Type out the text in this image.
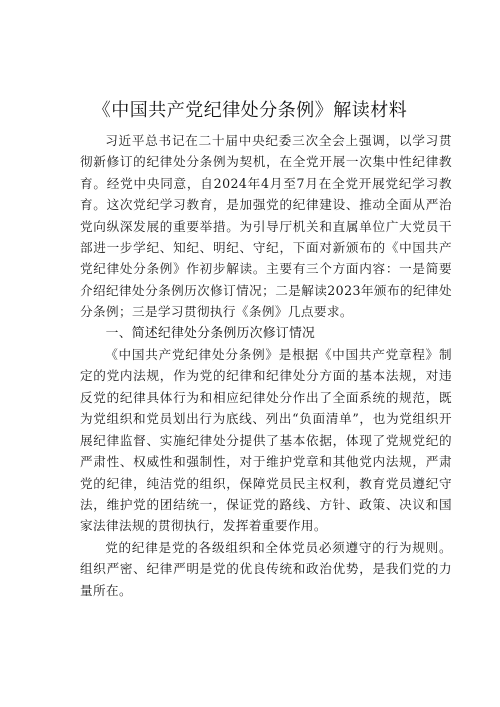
《中国共产党纪律处分条例》解读材料

习近平总书记在二十届中央纪委三次全会上强调，以学习贯彻新修订的纪律处分条例为契机，在全党开展一次集中性纪律教育。经党中央同意，自2024年4月至7月在全党开展党纪学习教育。这次党纪学习教育，是加强党的纪律建设、推动全面从严治党向纵深发展的重要举措。为引导厅机关和直属单位广大党员干部进一步学纪、知纪、明纪、守纪，下面对新颁布的《中国共产党纪律处分条例》作初步解读。主要有三个方面内容：一是简要介绍纪律处分条例历次修订情况；二是解读2023年颁布的纪律处分条例；三是学习贯彻执行《条例》几点要求。

一、简述纪律处分条例历次修订情况

《中国共产党纪律处分条例》是根据《中国共产党章程》制定的党内法规，作为党的纪律和纪律处分方面的基本法规，对违反党的纪律具体行为和相应纪律处分作出了全面系统的规范，既为党组织和党员划出行为底线、列出“负面清单”，也为党组织开展纪律监督、实施纪律处分提供了基本依据，体现了党规党纪的严肃性、权威性和强制性，对于维护党章和其他党内法规，严肃党的纪律，纯洁党的组织，保障党员民主权利，教育党员遵纪守法，维护党的团结统一，保证党的路线、方针、政策、决议和国家法律法规的贯彻执行，发挥着重要作用。

党的纪律是党的各级组织和全体党员必须遵守的行为规则。组织严密、纪律严明是党的优良传统和政治优势，是我们党的力量所在。
